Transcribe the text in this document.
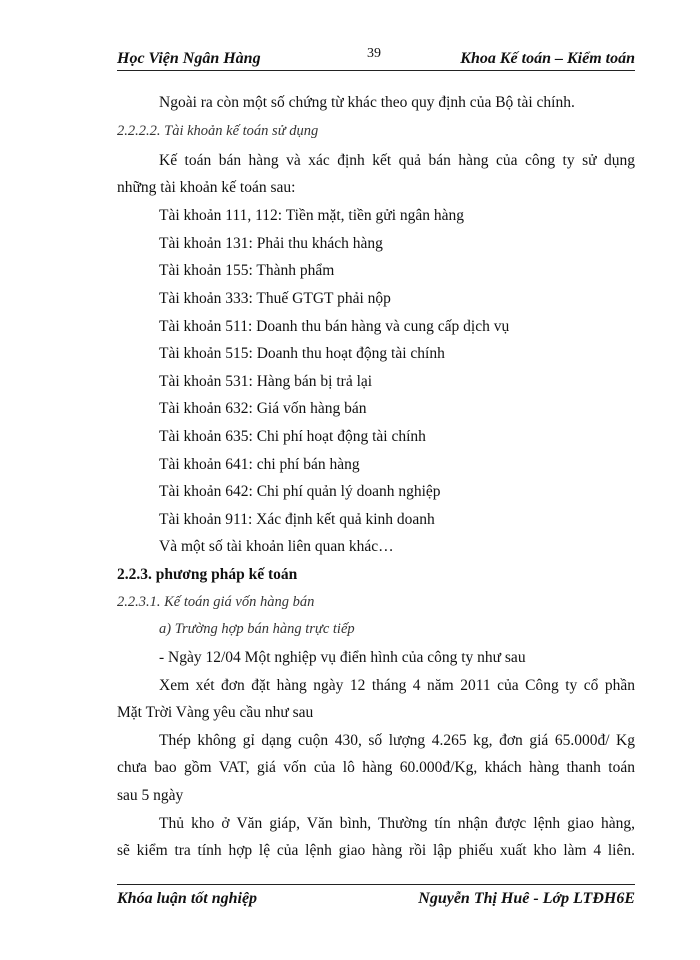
Học Viện Ngân Hàng	39	Khoa Kế toán – Kiểm toán
Ngoài ra còn một số chứng từ khác theo quy định của Bộ tài chính.
2.2.2.2. Tài khoản kế toán sử dụng
Kế toán bán hàng và xác định kết quả bán hàng của công ty sử dụng
những tài khoản kế toán sau:
Tài khoản 111, 112: Tiền mặt, tiền gửi ngân hàng
Tài khoản 131: Phải thu khách hàng
Tài khoản 155: Thành phẩm
Tài khoản 333: Thuế GTGT phải nộp
Tài khoản 511: Doanh thu bán hàng và cung cấp dịch vụ
Tài khoản 515: Doanh thu hoạt động tài chính
Tài khoản 531: Hàng bán bị trả lại
Tài khoản 632: Giá vốn hàng bán
Tài khoản 635: Chi phí hoạt động tài chính
Tài khoản 641: chi phí bán hàng
Tài khoản 642: Chi phí quản lý doanh nghiệp
Tài khoản 911: Xác định kết quả kinh doanh
Và một số tài khoản liên quan khác…
2.2.3. phương pháp kế toán
2.2.3.1. Kế toán giá vốn hàng bán
a) Trường hợp bán hàng trực tiếp
- Ngày 12/04 Một nghiệp vụ điển hình của công ty như sau
Xem xét đơn đặt hàng ngày 12 tháng 4 năm 2011 của Công ty cổ phần
Mặt Trời Vàng yêu cầu như sau
Thép không gỉ dạng cuộn 430, số lượng 4.265 kg, đơn giá 65.000đ/ Kg
chưa bao gồm VAT, giá vốn của lô hàng 60.000đ/Kg, khách hàng thanh toán
sau 5 ngày
Thủ kho ở Văn giáp, Văn bình, Thường tín nhận được lệnh giao hàng,
sẽ kiểm tra tính hợp lệ của lệnh giao hàng rồi lập phiếu xuất kho làm 4 liên.
Khóa luận tốt nghiệp	Nguyễn Thị Huê - Lớp LTĐH6E
